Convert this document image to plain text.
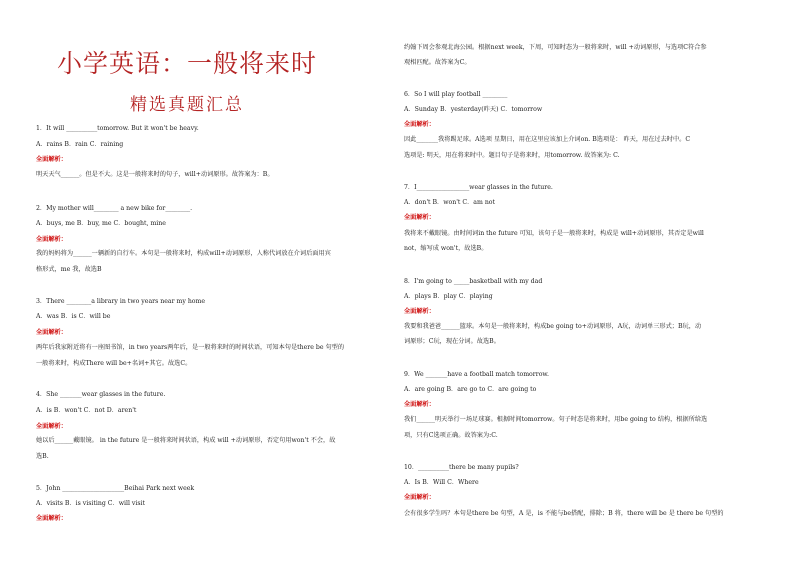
小学英语：一般将来时
精选真题汇总
1．It will __________tomorrow. But it won't be heavy.
A．rains B．rain C．raining
全面解析：
明天天气______。但是不大。这是一般将来时的句子，will+动词原形。故答案为：B。
2．My mother will________ a new bike for________.
A．buys, me B．buy, me C．bought, mine
全面解析：
我的妈妈将为______一辆新的自行车。本句是一般将来时，构成will+动词原形，人称代词放在介词后面用宾
格形式，me 我，故选B
3．There ________a library in two years near my home
A．was B．is C．will be
全面解析：
两年后我家附近将有一座图书馆，in two years两年后，是一般将来时的时间状语，可知本句是there be 句型的
一般将来时，构成There will be+名词+其它。故选C。
4．She _______wear glasses in the future.
A．is B．won't C．not D．aren't
全面解析：
她以后______戴眼镜。 in the future 是一般将来时间状语，构成 will +动词原形，否定句用won't 不会，故
选B.
5．John ____________________Beihai Park next week
A．visits B．is visiting C．will visit
全面解析：
约翰下周会参观北海公园。根据next week，下周，可知时态为一般将来时，will +动词原形，与选项C符合参
观相匹配。故答案为C。
6．So I will play football ________
A．Sunday B．yesterday(昨天) C．tomorrow
全面解析：
因此_______我将踢足球。A选项 星期日，用在这里应该加上介词on. B选项是： 昨天，用在过去时中。C
选项是: 明天，用在将来时中。题目句子是将来时，用tomorrow. 故答案为: C.
7．I_________________wear glasses in the future.
A．don't B．won't C．am not
全面解析：
我将来不戴眼镜。由时间词in the future 可知，该句子是一般将来时，构成是 will+动词原形，其否定是will
not，缩写成 won't，故选B。
8．I'm going to _____basketball with my dad
A．plays B．play C．playing
全面解析：
我要和我爸爸______篮球。本句是一般将来时，构成be going to+动词原形，A玩，动词单三形式；B玩，动
词原形；C玩，现在分词。故选B。
9．We _______have a football match tomorrow.
A．are going B．are go to C．are going to
全面解析：
我们______明天举行一场足球赛。根据时间tomorrow。句子时态是将来时，用be going to 结构，根据所给选
项，只有C选项正确。故答案为:C.
10．__________there be many pupils?
A．Is B．Will C．Where
全面解析：
会有很多学生吗？本句是there be 句型，A 是，is 不能与be搭配，排除；B 将，there will be 是 there be 句型的
